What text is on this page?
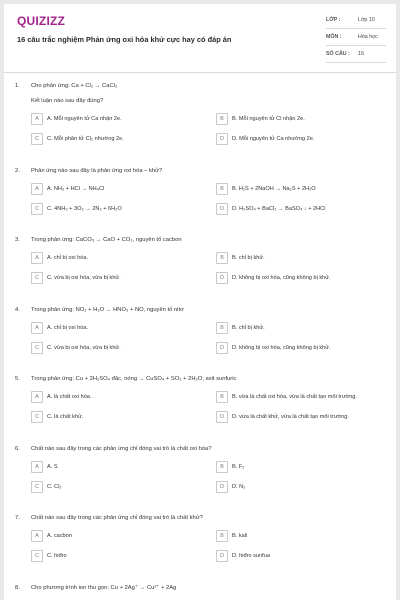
QUIZIZZ
16 câu trắc nghiệm Phản ứng oxi hóa khử cực hay có đáp án
LỚP :	Lớp 10
MÔN :	Hóa học
SỐ CÂU :	16
1.	Cho phản ứng: Ca + Cl₂ → CaCl₂
Kết luận nào sau đây đúng?
A	A. Mỗi nguyên tử Ca nhận 2e.	B	B. Mỗi nguyên tử Cl nhận 2e.
C	C. Mỗi phân tử Cl₂ nhường 2e.	D	D. Mỗi nguyên tử Ca nhường 2e.
2.	Phản ứng nào sau đây là phản ứng oxi hóa – khử?
A	A. NH₃ + HCl → NH₄Cl	B	B. H₂S + 2NaOH → Na₂S + 2H₂O
C	C. 4NH₃ + 3O₂ → 2N₂ + 6H₂O	D	D. H₂SO₄ + BaCl₂ → BaSO₄ ↓ + 2HCl
3.	Trong phản ứng: CaCO₃ → CaO + CO₂, nguyên tố cacbon
A	A. chỉ bị oxi hóa.	B	B. chỉ bị khử.
C	C. vừa bị oxi hóa, vừa bị khử.	D	D. không bị oxi hóa, cũng không bị khử.
4.	Trong phản ứng: NO₂ + H₂O → HNO₃ + NO, nguyên tố nitơ
A	A. chỉ bị oxi hóa.	B	B. chỉ bị khử.
C	C. vừa bị oxi hóa, vừa bị khử.	D	D. không bị oxi hóa, cũng không bị khử.
5.	Trong phản ứng: Cu + 2H₂SO₄ đặc, nóng → CuSO₄ + SO₂ + 2H₂O, axit sunfuric
A	A. là chất oxi hóa.	B	B. vừa là chất oxi hóa, vừa là chất tạo môi trường.
C	C. là chất khử.	D	D. vừa là chất khử, vừa là chất tạo môi trường.
6.	Chất nào sau đây trong các phản ứng chỉ đóng vai trò là chất oxi hóa?
A	A. S	B	B. F₂
C	C. Cl₂	D	D. N₂
7.	Chất nào sau đây trong các phản ứng chỉ đóng vai trò là chất khử?
A	A. cacbon	B	B. kali
C	C. hiđro	D	D. hiđro sunfua
8.	Cho phương trình ion thu gọn: Cu + 2Ag⁺ → Cu²⁺ + 2Ag
